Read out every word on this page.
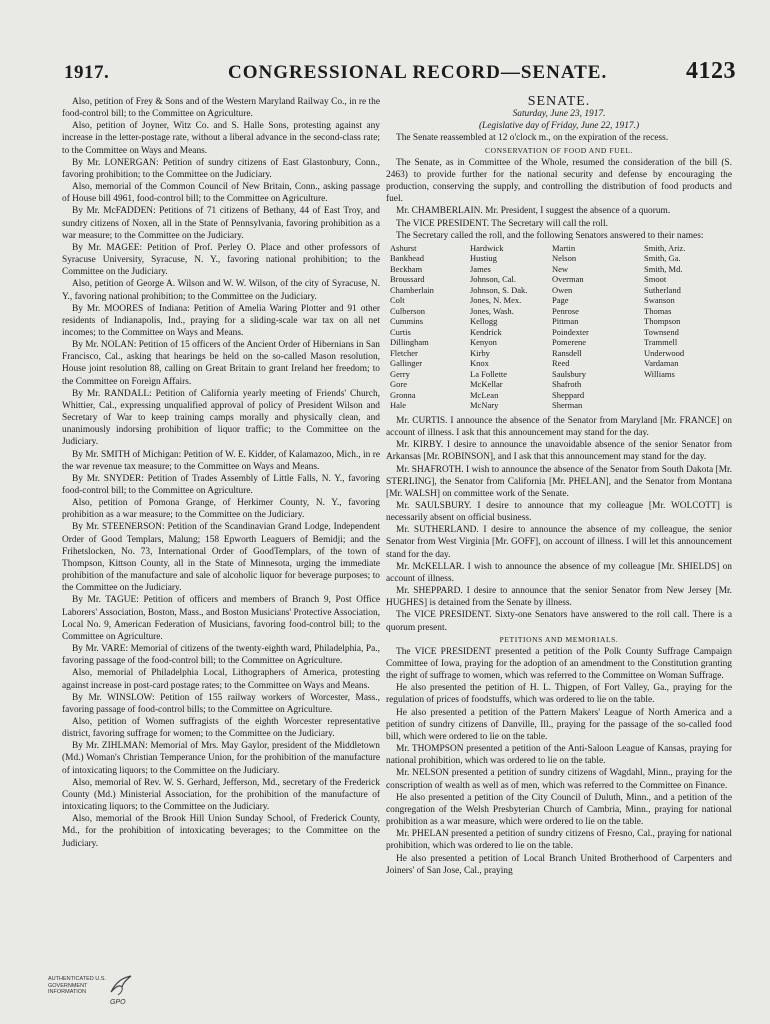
1917.	CONGRESSIONAL RECORD—SENATE.	4123

Also, petition of Frey & Sons and of the Western Maryland Railway Co., in re the food-control bill; to the Committee on Agriculture.

Also, petition of Joyner, Witz Co. and S. Halle Sons, protesting against any increase in the letter-postage rate, without a liberal advance in the second-class rate; to the Committee on Ways and Means.

By Mr. LONERGAN: Petition of sundry citizens of East Glastonbury, Conn., favoring prohibition; to the Committee on the Judiciary.

Also, memorial of the Common Council of New Britain, Conn., asking passage of House bill 4961, food-control bill; to the Committee on Agriculture.

By Mr. McFADDEN: Petitions of 71 citizens of Bethany, 44 of East Troy, and sundry citizens of Noxen, all in the State of Pennsylvania, favoring prohibition as a war measure; to the Committee on the Judiciary.

By Mr. MAGEE: Petition of Prof. Perley O. Place and other professors of Syracuse University, Syracuse, N. Y., favoring national prohibition; to the Committee on the Judiciary.

Also, petition of George A. Wilson and W. W. Wilson, of the city of Syracuse, N. Y., favoring national prohibition; to the Committee on the Judiciary.

By Mr. MOORES of Indiana: Petition of Amelia Waring Plotter and 91 other residents of Indianapolis, Ind., praying for a sliding-scale war tax on all net incomes; to the Committee on Ways and Means.

By Mr. NOLAN: Petition of 15 officers of the Ancient Order of Hibernians in San Francisco, Cal., asking that hearings be held on the so-called Mason resolution, House joint resolution 88, calling on Great Britain to grant Ireland her freedom; to the Committee on Foreign Affairs.

By Mr. RANDALL: Petition of California yearly meeting of Friends' Church, Whittier, Cal., expressing unqualified approval of policy of President Wilson and Secretary of War to keep training camps morally and physically clean, and unanimously indorsing prohibition of liquor traffic; to the Committee on the Judiciary.

By Mr. SMITH of Michigan: Petition of W. E. Kidder, of Kalamazoo, Mich., in re the war revenue tax measure; to the Committee on Ways and Means.

By Mr. SNYDER: Petition of Trades Assembly of Little Falls, N. Y., favoring food-control bill; to the Committee on Agriculture.

Also, petition of Pomona Grange, of Herkimer County, N. Y., favoring prohibition as a war measure; to the Committee on the Judiciary.

By Mr. STEENERSON: Petition of the Scandinavian Grand Lodge, Independent Order of Good Templars, Malung; 158 Epworth Leaguers of Bemidji; and the Frihetslocken, No. 73, International Order of GoodTemplars, of the town of Thompson, Kittson County, all in the State of Minnesota, urging the immediate prohibition of the manufacture and sale of alcoholic liquor for beverage purposes; to the Committee on the Judiciary.

By Mr. TAGUE: Petition of officers and members of Branch 9, Post Office Laborers' Association, Boston, Mass., and Boston Musicians' Protective Association, Local No. 9, American Federation of Musicians, favoring food-control bill; to the Committee on Agriculture.

By Mr. VARE: Memorial of citizens of the twenty-eighth ward, Philadelphia, Pa., favoring passage of the food-control bill; to the Committee on Agriculture.

Also, memorial of Philadelphia Local, Lithographers of America, protesting against increase in post-card postage rates; to the Committee on Ways and Means.

By Mr. WINSLOW: Petition of 155 railway workers of Worcester, Mass., favoring passage of food-control bills; to the Committee on Agriculture.

Also, petition of Women suffragists of the eighth Worcester representative district, favoring suffrage for women; to the Committee on the Judiciary.

By Mr. ZIHLMAN: Memorial of Mrs. May Gaylor, president of the Middletown (Md.) Woman's Christian Temperance Union, for the prohibition of the manufacture of intoxicating liquors; to the Committee on the Judiciary.

Also, memorial of Rev. W. S. Gerhard, Jefferson, Md., secretary of the Frederick County (Md.) Ministerial Association, for the prohibition of the manufacture of intoxicating liquors; to the Committee on the Judiciary.

Also, memorial of the Brook Hill Union Sunday School, of Frederick County, Md., for the prohibition of intoxicating beverages; to the Committee on the Judiciary.

SENATE.

Saturday, June 23, 1917.

(Legislative day of Friday, June 22, 1917.)

The Senate reassembled at 12 o'clock m., on the expiration of the recess.

CONSERVATION OF FOOD AND FUEL.

The Senate, as in Committee of the Whole, resumed the consideration of the bill (S. 2463) to provide further for the national security and defense by encouraging the production, conserving the supply, and controlling the distribution of food products and fuel.

Mr. CHAMBERLAIN. Mr. President, I suggest the absence of a quorum.

The VICE PRESIDENT. The Secretary will call the roll.

The Secretary called the roll, and the following Senators answered to their names:

Ashurst
Bankhead
Beckham
Broussard
Chamberlain
Colt
Culberson
Cummins
Curtis
Dillingham
Fletcher
Gallinger
Gerry
Gore
Gronna
Hale
Hardwick
Hustiug
James
Johnson, Cal.
Johnson, S. Dak.
Jones, N. Mex.
Jones, Wash.
Kellogg
Kendrick
Kenyon
Kirby
Knox
La Follette
McKellar
McLean
McNary
Martin
Nelson
New
Overman
Owen
Page
Penrose
Pittman
Poindexter
Pomerene
Ransdell
Reed
Saulsbury
Shafroth
Sheppard
Sherman
Smith, Ariz.
Smith, Ga.
Smith, Md.
Smoot
Sutherland
Swanson
Thomas
Thompson
Townsend
Trammell
Underwood
Vardaman
Williams

Mr. CURTIS. I announce the absence of the Senator from Maryland [Mr. FRANCE] on account of illness. I ask that this announcement may stand for the day.

Mr. KIRBY. I desire to announce the unavoidable absence of the senior Senator from Arkansas [Mr. ROBINSON], and I ask that this announcement may stand for the day.

Mr. SHAFROTH. I wish to announce the absence of the Senator from South Dakota [Mr. STERLING], the Senator from California [Mr. PHELAN], and the Senator from Montana [Mr. WALSH] on committee work of the Senate.

Mr. SAULSBURY. I desire to announce that my colleague [Mr. WOLCOTT] is necessarily absent on official business.

Mr. SUTHERLAND. I desire to announce the absence of my colleague, the senior Senator from West Virginia [Mr. GOFF], on account of illness. I will let this announcement stand for the day.

Mr. McKELLAR. I wish to announce the absence of my colleague [Mr. SHIELDS] on account of illness.

Mr. SHEPPARD. I desire to announce that the senior Senator from New Jersey [Mr. HUGHES] is detained from the Senate by illness.

The VICE PRESIDENT. Sixty-one Senators have answered to the roll call. There is a quorum present.

PETITIONS AND MEMORIALS.

The VICE PRESIDENT presented a petition of the Polk County Suffrage Campaign Committee of Iowa, praying for the adoption of an amendment to the Constitution granting the right of suffrage to women, which was referred to the Committee on Woman Suffrage.

He also presented the petition of H. L. Thigpen, of Fort Valley, Ga., praying for the regulation of prices of foodstuffs, which was ordered to lie on the table.

He also presented a petition of the Pattern Makers' League of North America and a petition of sundry citizens of Danville, Ill., praying for the passage of the so-called food bill, which were ordered to lie on the table.

Mr. THOMPSON presented a petition of the Anti-Saloon League of Kansas, praying for national prohibition, which was ordered to lie on the table.

Mr. NELSON presented a petition of sundry citizens of Wagdahl, Minn., praying for the conscription of wealth as well as of men, which was referred to the Committee on Finance.

He also presented a petition of the City Council of Duluth, Minn., and a petition of the congregation of the Welsh Presbyterian Church of Cambria, Minn., praying for national prohibition as a war measure, which were ordered to lie on the table.

Mr. PHELAN presented a petition of sundry citizens of Fresno, Cal., praying for national prohibition, which was ordered to lie on the table.

He also presented a petition of Local Branch United Brotherhood of Carpenters and Joiners' of San Jose, Cal., praying

AUTHENTICATED U.S. GOVERNMENT INFORMATION
GPO
